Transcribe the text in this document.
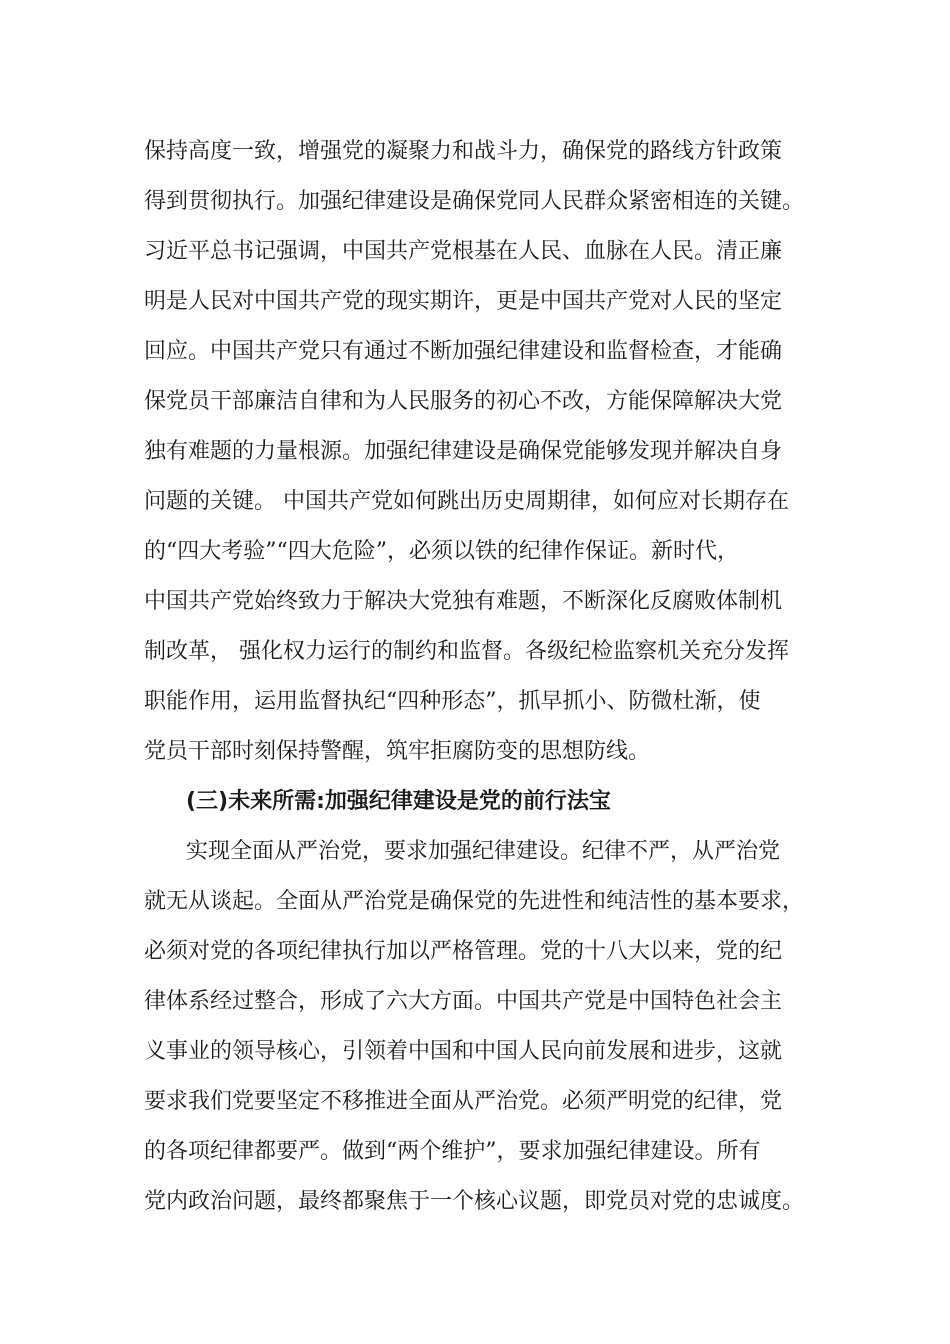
保持高度一致，增强党的凝聚力和战斗力，确保党的路线方针政策
得到贯彻执行。加强纪律建设是确保党同人民群众紧密相连的关键。
习近平总书记强调，中国共产党根基在人民、血脉在人民。清正廉
明是人民对中国共产党的现实期许，更是中国共产党对人民的坚定
回应。中国共产党只有通过不断加强纪律建设和监督检查，才能确
保党员干部廉洁自律和为人民服务的初心不改，方能保障解决大党
独有难题的力量根源。加强纪律建设是确保党能够发现并解决自身
问题的关键。 中国共产党如何跳出历史周期律，如何应对长期存在
的“四大考验”“四大危险”，必须以铁的纪律作保证。新时代，
中国共产党始终致力于解决大党独有难题，不断深化反腐败体制机
制改革， 强化权力运行的制约和监督。各级纪检监察机关充分发挥
职能作用，运用监督执纪“四种形态”，抓早抓小、防微杜渐，使
党员干部时刻保持警醒，筑牢拒腐防变的思想防线。
(三)未来所需:加强纪律建设是党的前行法宝
实现全面从严治党，要求加强纪律建设。纪律不严，从严治党
就无从谈起。全面从严治党是确保党的先进性和纯洁性的基本要求，
必须对党的各项纪律执行加以严格管理。党的十八大以来，党的纪
律体系经过整合，形成了六大方面。中国共产党是中国特色社会主
义事业的领导核心，引领着中国和中国人民向前发展和进步，这就
要求我们党要坚定不移推进全面从严治党。必须严明党的纪律，党
的各项纪律都要严。做到“两个维护”，要求加强纪律建设。所有
党内政治问题，最终都聚焦于一个核心议题，即党员对党的忠诚度。
